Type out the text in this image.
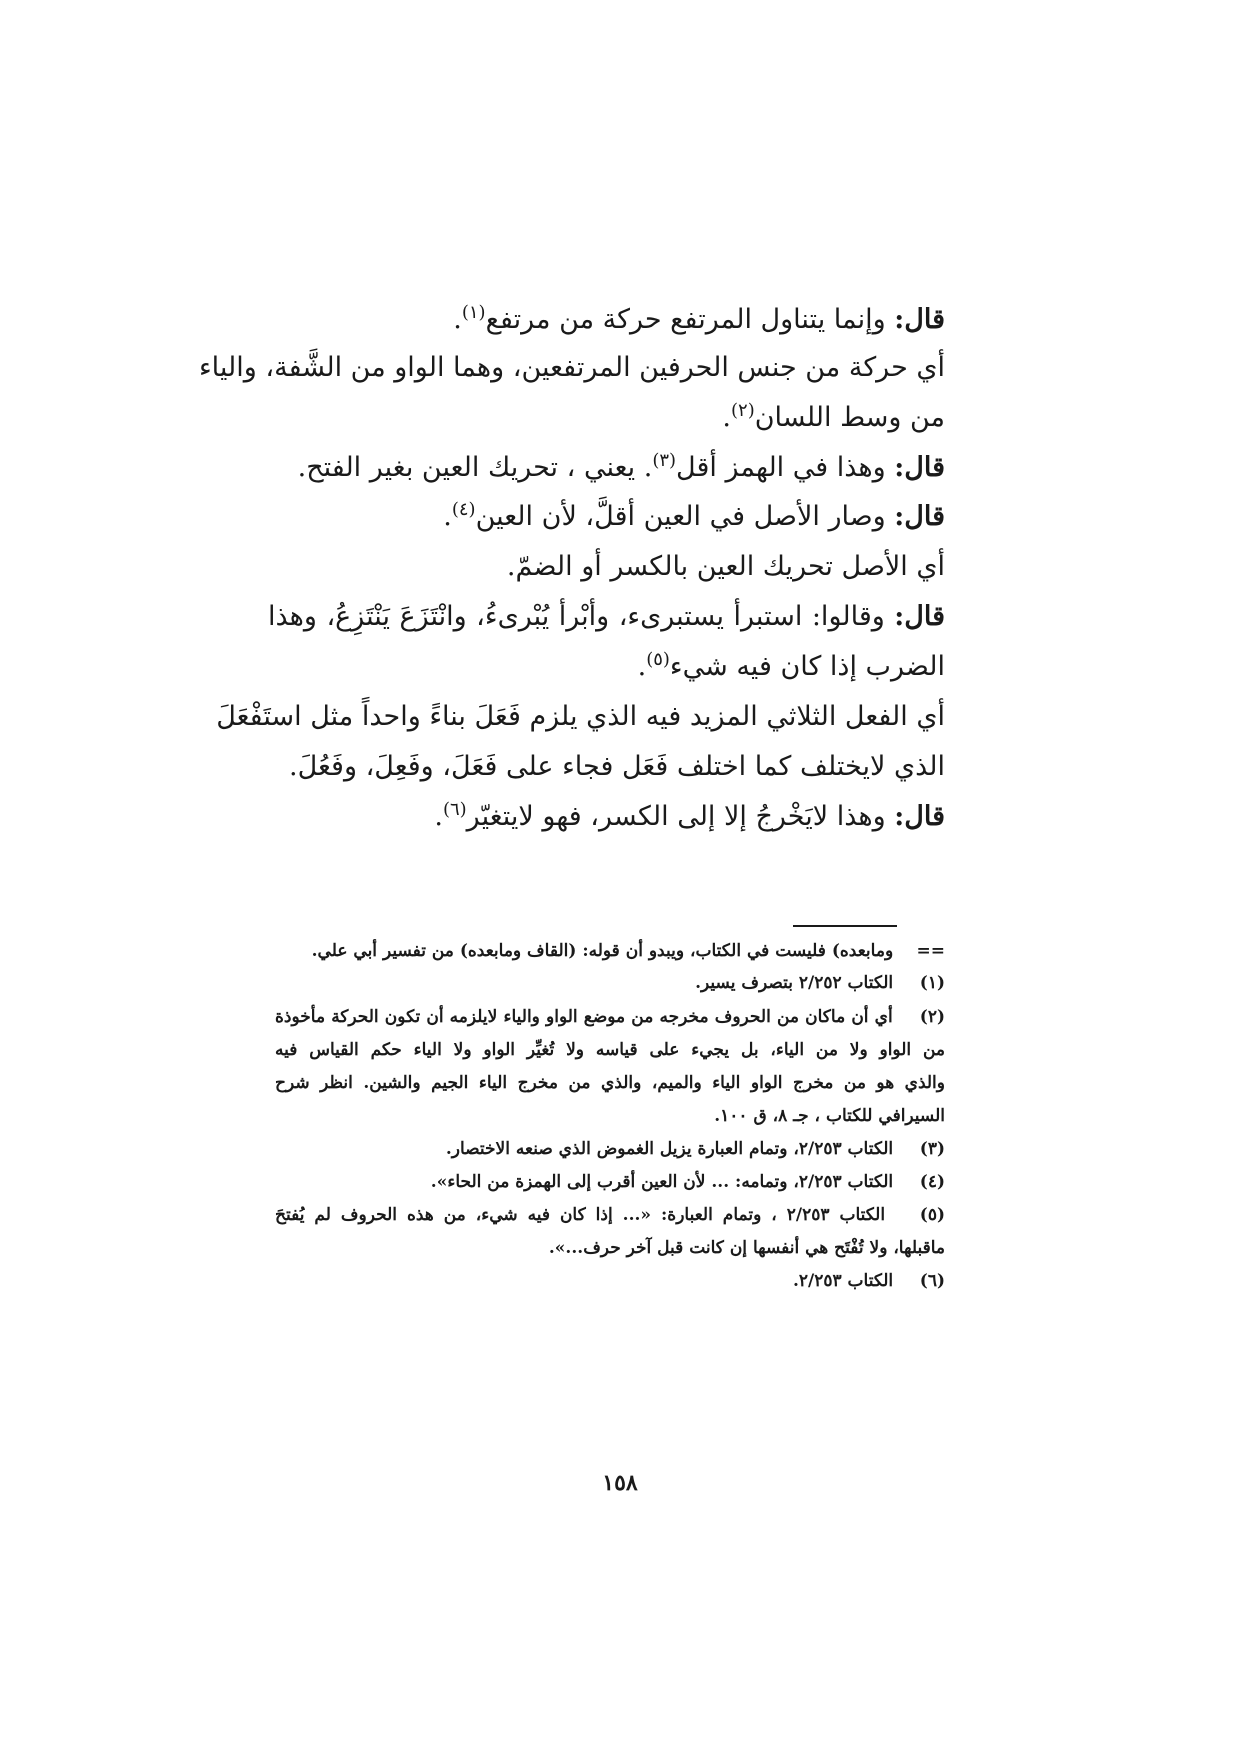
قال: وإنما يتناول المرتفع حركة من مرتفع$^{(١)}$.
أي حركة من جنس الحرفين المرتفعين، وهما الواو من الشَّفة، والياء
من وسط اللسان$^{(٢)}$.
قال: وهذا في الهمز أقل$^{(٣)}$. يعني ، تحريك العين بغير الفتح.
قال: وصار الأصل في العين أقلَّ، لأن العين$^{(٤)}$.
أي الأصل تحريك العين بالكسر أو الضمّ.
قال: وقالوا: استبرأ يستبرىء، وأبْرأ يُبْرىءُ، وانْتَزَعَ يَنْتَزِعُ، وهذا
الضرب إذا كان فيه شيء$^{(٥)}$.
أي الفعل الثلاثي المزيد فيه الذي يلزم فَعَلَ بناءً واحداً مثل استَفْعَلَ
الذي لايختلف كما اختلف فَعَل فجاء على فَعَلَ، وفَعِلَ، وفَعُلَ.
قال: وهذا لايَخْرجُ إلا إلى الكسر، فهو لايتغيّر$^{(٦)}$.
==  ومابعده) فليست في الكتاب، ويبدو أن قوله: (القاف ومابعده) من تفسير أبي علي.
(١)  الكتاب ٢/٢٥٢ بتصرف يسير.
(٢)  أي أن ماكان من الحروف مخرجه من موضع الواو والياء لايلزمه أن تكون الحركة مأخوذة
من الواو ولا من الياء، بل يجيء على قياسه ولا تُغيِّر الواو ولا الياء حكم القياس فيه
والذي هو من مخرج الواو الياء والميم، والذي من مخرج الياء الجيم والشين. انظر شرح
السيرافي للكتاب ، جـ ٨، ق ١٠٠.
(٣)  الكتاب ٢/٢٥٣، وتمام العبارة يزيل الغموض الذي صنعه الاختصار.
(٤)  الكتاب ٢/٢٥٣، وتمامه: ... لأن العين أقرب إلى الهمزة من الحاء».
(٥)  الكتاب ٢/٢٥٣ ، وتمام العبارة: «... إذا كان فيه شيء، من هذه الحروف لم يُفتحَ
ماقبلها، ولا تُفْتَح هي أنفسها إن كانت قبل آخر حرف...».
(٦)  الكتاب ٢/٢٥٣.
١٥٨
